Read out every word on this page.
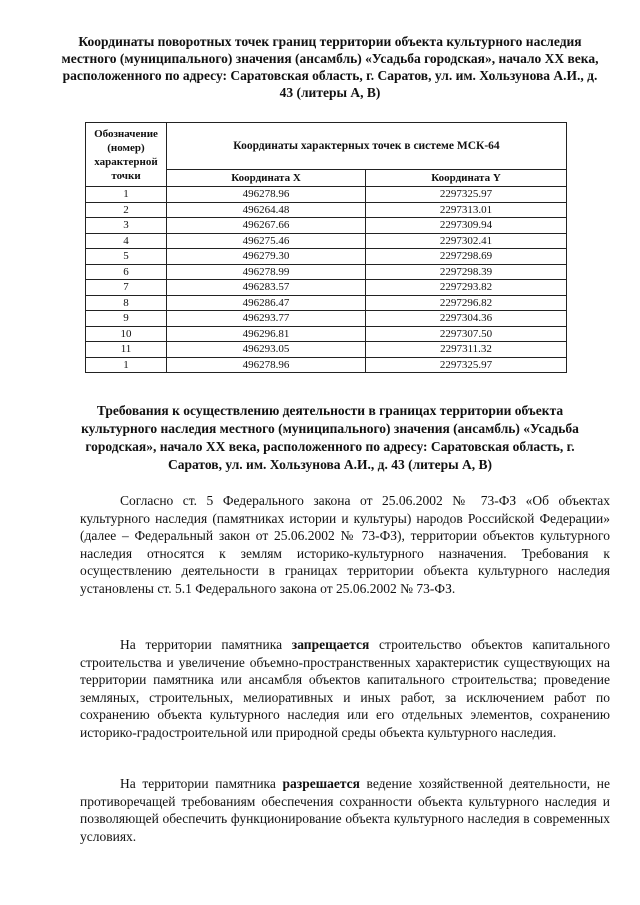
Координаты поворотных точек границ территории объекта культурного наследия местного (муниципального) значения (ансамбль) «Усадьба городская», начало XX века, расположенного по адресу: Саратовская область, г. Саратов, ул. им. Хользунова А.И., д. 43 (литеры А, В)
Обозначение (номер) характерной точки	Координаты характерных точек в системе МСК-64	
	Координата X	Координата Y
1	496278.96	2297325.97
2	496264.48	2297313.01
3	496267.66	2297309.94
4	496275.46	2297302.41
5	496279.30	2297298.69
6	496278.99	2297298.39
7	496283.57	2297293.82
8	496286.47	2297296.82
9	496293.77	2297304.36
10	496296.81	2297307.50
11	496293.05	2297311.32
1	496278.96	2297325.97
Требования к осуществлению деятельности в границах территории объекта культурного наследия местного (муниципального) значения (ансамбль) «Усадьба городская», начало XX века, расположенного по адресу: Саратовская область, г. Саратов, ул. им. Хользунова А.И., д. 43 (литеры А, В)
Согласно ст. 5 Федерального закона от 25.06.2002 № 73-ФЗ «Об объектах культурного наследия (памятниках истории и культуры) народов Российской Федерации» (далее – Федеральный закон от 25.06.2002 № 73-ФЗ), территории объектов культурного наследия относятся к землям историко-культурного назначения. Требования к осуществлению деятельности в границах территории объекта культурного наследия установлены ст. 5.1 Федерального закона от 25.06.2002 № 73-ФЗ.
На территории памятника запрещается строительство объектов капитального строительства и увеличение объемно-пространственных характеристик существующих на территории памятника или ансамбля объектов капитального строительства; проведение земляных, строительных, мелиоративных и иных работ, за исключением работ по сохранению объекта культурного наследия или его отдельных элементов, сохранению историко-градостроительной или природной среды объекта культурного наследия.
На территории памятника разрешается ведение хозяйственной деятельности, не противоречащей требованиям обеспечения сохранности объекта культурного наследия и позволяющей обеспечить функционирование объекта культурного наследия в современных условиях.
